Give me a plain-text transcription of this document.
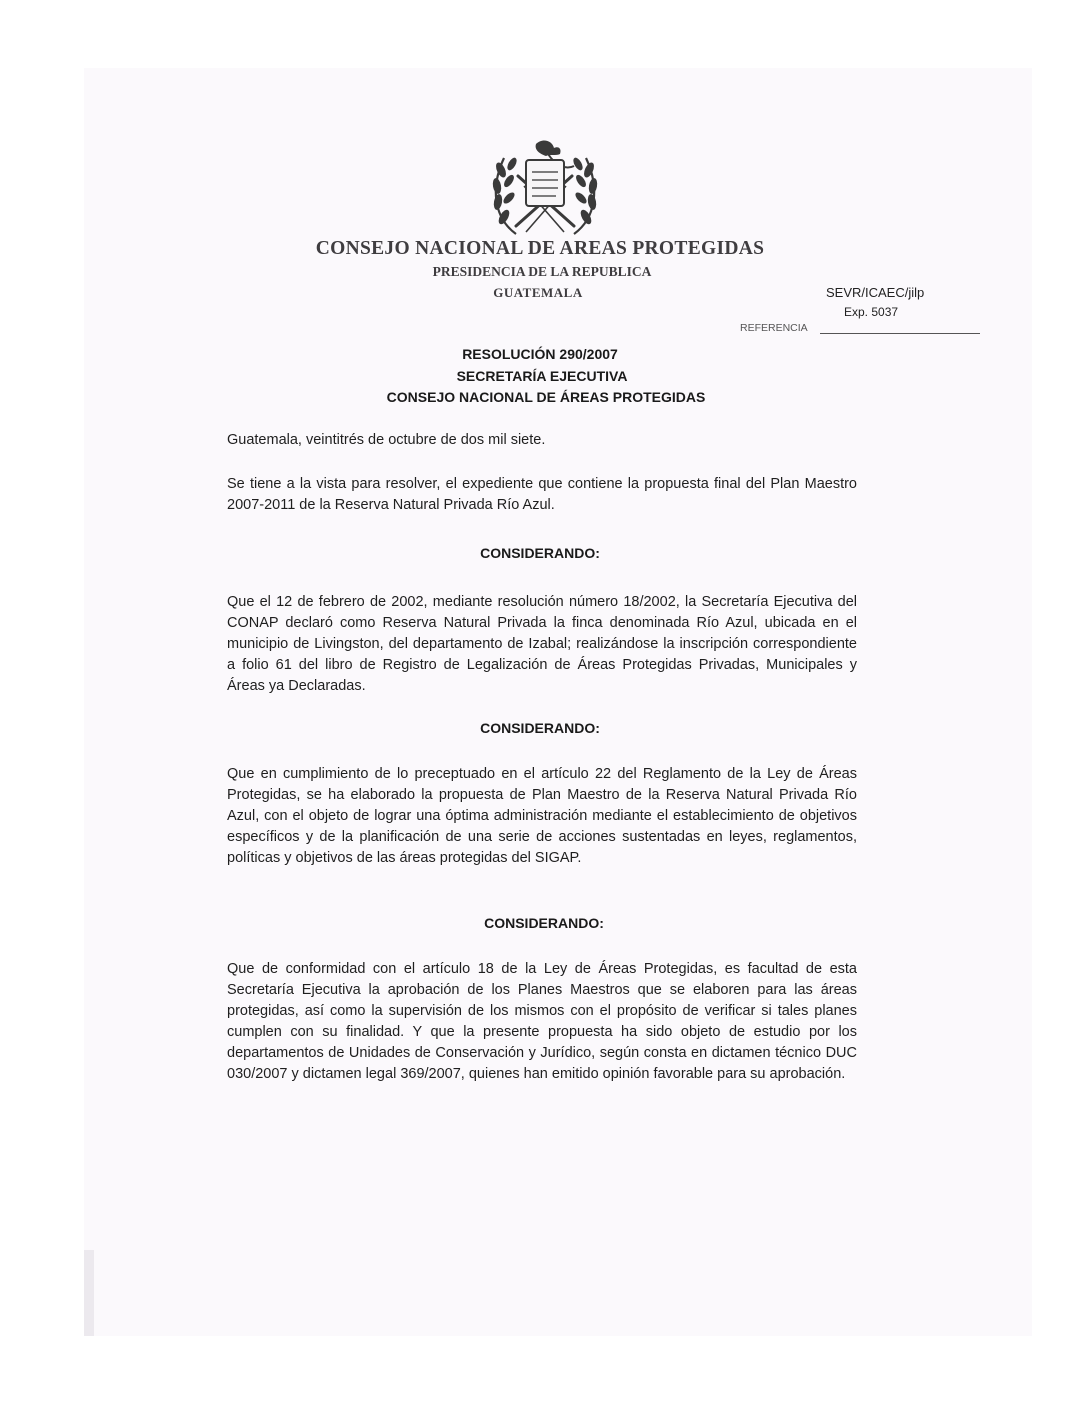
CONSEJO NACIONAL DE AREAS PROTEGIDAS
PRESIDENCIA DE LA REPUBLICA
GUATEMALA	SEVR/ICAEC/jilp
Exp. 5037
REFERENCIA
RESOLUCIÓN 290/2007
SECRETARÍA EJECUTIVA
CONSEJO NACIONAL DE ÁREAS PROTEGIDAS
Guatemala, veintitrés de octubre de dos mil siete.
Se tiene a la vista para resolver, el expediente que contiene la propuesta final del Plan Maestro 2007-2011 de la Reserva Natural Privada Río Azul.
CONSIDERANDO:
Que el 12 de febrero de 2002, mediante resolución número 18/2002, la Secretaría Ejecutiva del CONAP declaró como Reserva Natural Privada la finca denominada Río Azul, ubicada en el municipio de Livingston, del departamento de Izabal; realizándose la inscripción correspondiente a folio 61 del libro de Registro de Legalización de Áreas Protegidas Privadas, Municipales y Áreas ya Declaradas.
CONSIDERANDO:
Que en cumplimiento de lo preceptuado en el artículo 22 del Reglamento de la Ley de Áreas Protegidas, se ha elaborado la propuesta de Plan Maestro de la Reserva Natural Privada Río Azul, con el objeto de lograr una óptima administración mediante el establecimiento de objetivos específicos y de la planificación de una serie de acciones sustentadas en leyes, reglamentos, políticas y objetivos de las áreas protegidas del SIGAP.
CONSIDERANDO:
Que de conformidad con el artículo 18 de la Ley de Áreas Protegidas, es facultad de esta Secretaría Ejecutiva la aprobación de los Planes Maestros que se elaboren para las áreas protegidas, así como la supervisión de los mismos con el propósito de verificar si tales planes cumplen con su finalidad. Y que la presente propuesta ha sido objeto de estudio por los departamentos de Unidades de Conservación y Jurídico, según consta en dictamen técnico DUC 030/2007 y dictamen legal 369/2007, quienes han emitido opinión favorable para su aprobación.
